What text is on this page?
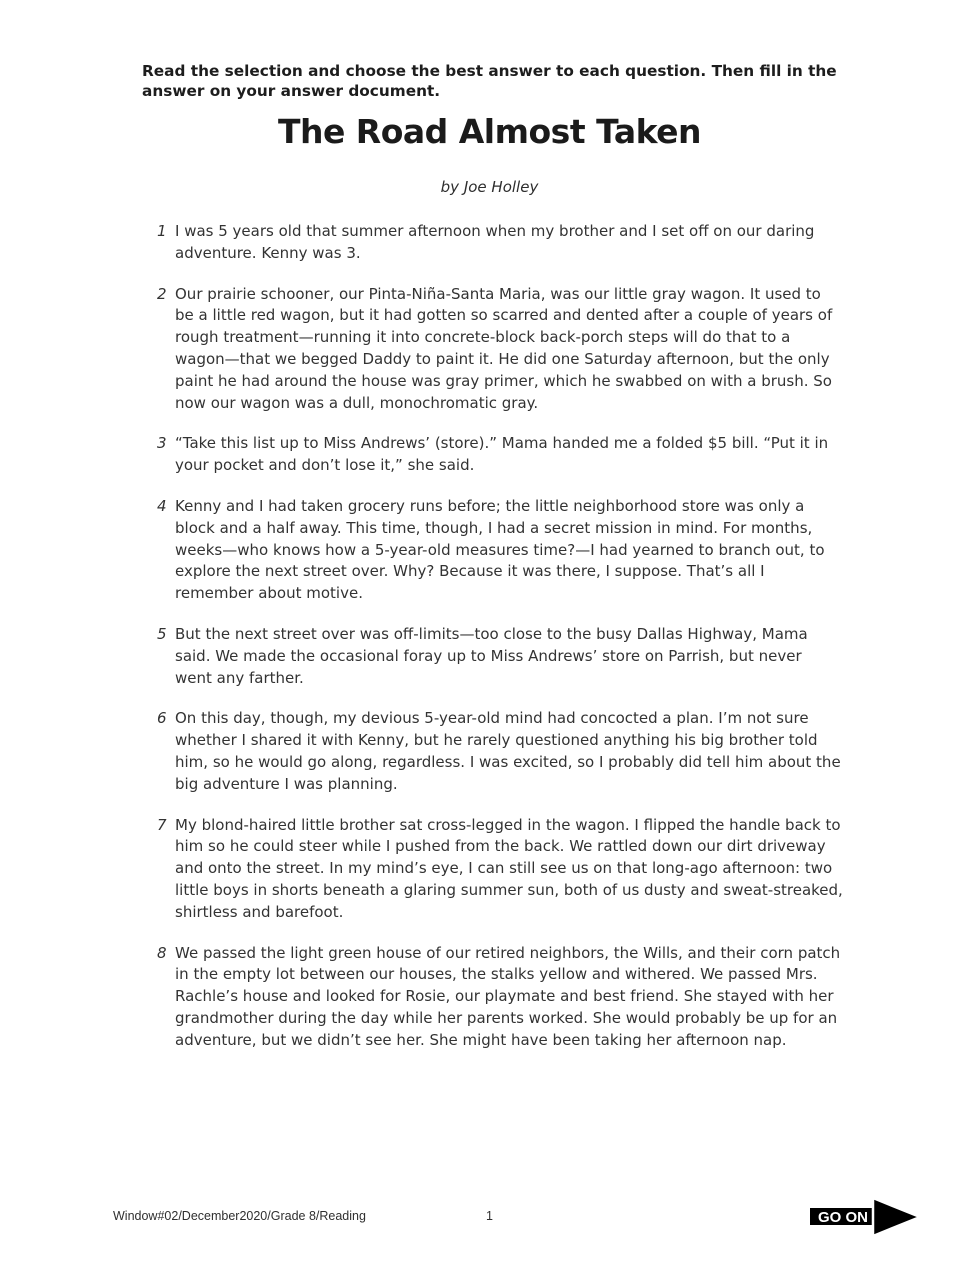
Read the selection and choose the best answer to each question. Then fill in the answer on your answer document.
The Road Almost Taken
by Joe Holley
1 I was 5 years old that summer afternoon when my brother and I set off on our daring adventure. Kenny was 3.
2 Our prairie schooner, our Pinta-Niña-Santa Maria, was our little gray wagon. It used to be a little red wagon, but it had gotten so scarred and dented after a couple of years of rough treatment—running it into concrete-block back-porch steps will do that to a wagon—that we begged Daddy to paint it. He did one Saturday afternoon, but the only paint he had around the house was gray primer, which he swabbed on with a brush. So now our wagon was a dull, monochromatic gray.
3 “Take this list up to Miss Andrews’ (store).” Mama handed me a folded $5 bill. “Put it in your pocket and don’t lose it,” she said.
4 Kenny and I had taken grocery runs before; the little neighborhood store was only a block and a half away. This time, though, I had a secret mission in mind. For months, weeks—who knows how a 5-year-old measures time?—I had yearned to branch out, to explore the next street over. Why? Because it was there, I suppose. That’s all I remember about motive.
5 But the next street over was off-limits—too close to the busy Dallas Highway, Mama said. We made the occasional foray up to Miss Andrews’ store on Parrish, but never went any farther.
6 On this day, though, my devious 5-year-old mind had concocted a plan. I’m not sure whether I shared it with Kenny, but he rarely questioned anything his big brother told him, so he would go along, regardless. I was excited, so I probably did tell him about the big adventure I was planning.
7 My blond-haired little brother sat cross-legged in the wagon. I flipped the handle back to him so he could steer while I pushed from the back. We rattled down our dirt driveway and onto the street. In my mind’s eye, I can still see us on that long-ago afternoon: two little boys in shorts beneath a glaring summer sun, both of us dusty and sweat-streaked, shirtless and barefoot.
8 We passed the light green house of our retired neighbors, the Wills, and their corn patch in the empty lot between our houses, the stalks yellow and withered. We passed Mrs. Rachle’s house and looked for Rosie, our playmate and best friend. She stayed with her grandmother during the day while her parents worked. She would probably be up for an adventure, but we didn’t see her. She might have been taking her afternoon nap.
Window#02/December2020/Grade 8/Reading	1	GO ON
